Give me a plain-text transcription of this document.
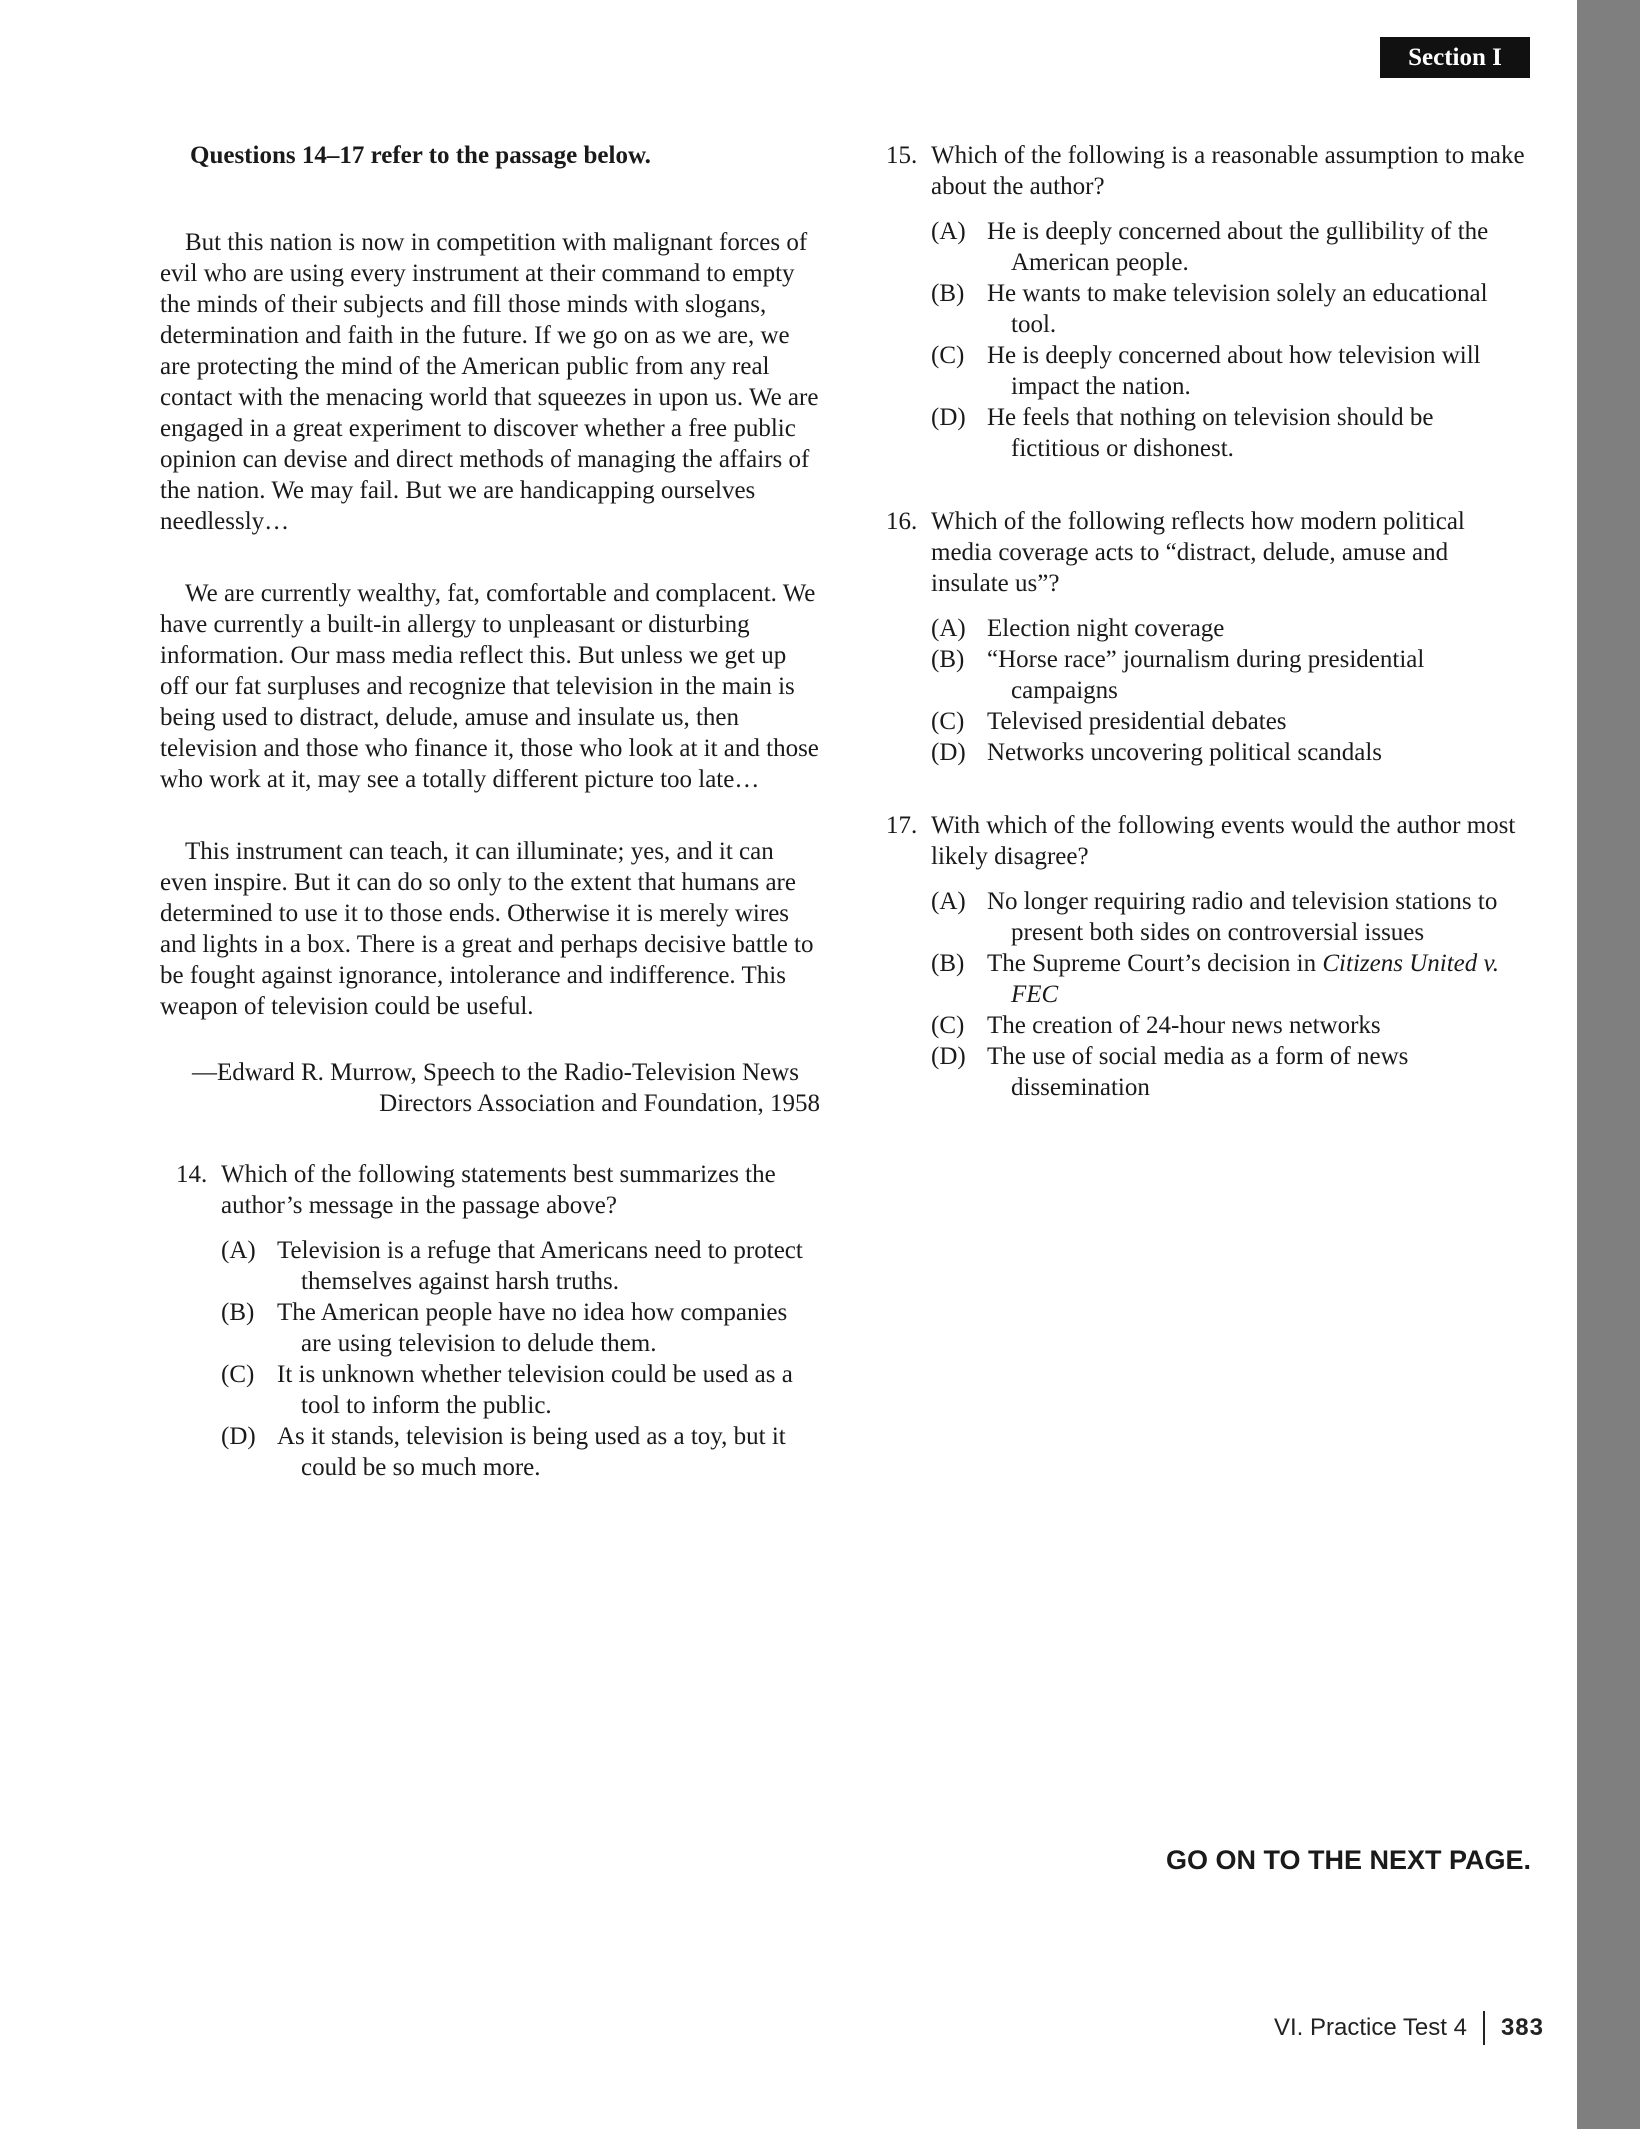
Section I

Questions 14–17 refer to the passage below.

But this nation is now in competition with malignant forces of evil who are using every instrument at their command to empty the minds of their subjects and fill those minds with slogans, determination and faith in the future. If we go on as we are, we are protecting the mind of the American public from any real contact with the menacing world that squeezes in upon us. We are engaged in a great experiment to discover whether a free public opinion can devise and direct methods of managing the affairs of the nation. We may fail. But we are handicapping ourselves needlessly…

We are currently wealthy, fat, comfortable and complacent. We have currently a built-in allergy to unpleasant or disturbing information. Our mass media reflect this. But unless we get up off our fat surpluses and recognize that television in the main is being used to distract, delude, amuse and insulate us, then television and those who finance it, those who look at it and those who work at it, may see a totally different picture too late…

This instrument can teach, it can illuminate; yes, and it can even inspire. But it can do so only to the extent that humans are determined to use it to those ends. Otherwise it is merely wires and lights in a box. There is a great and perhaps decisive battle to be fought against ignorance, intolerance and indifference. This weapon of television could be useful.

—Edward R. Murrow, Speech to the Radio-Television News
Directors Association and Foundation, 1958

14. Which of the following statements best summarizes the author’s message in the passage above?

(A) Television is a refuge that Americans need to protect themselves against harsh truths.
(B) The American people have no idea how companies are using television to delude them.
(C) It is unknown whether television could be used as a tool to inform the public.
(D) As it stands, television is being used as a toy, but it could be so much more.
15. Which of the following is a reasonable assumption to make about the author?

(A) He is deeply concerned about the gullibility of the American people.
(B) He wants to make television solely an educational tool.
(C) He is deeply concerned about how television will impact the nation.
(D) He feels that nothing on television should be fictitious or dishonest.
16. Which of the following reflects how modern political media coverage acts to “distract, delude, amuse and insulate us”?

(A) Election night coverage
(B) “Horse race” journalism during presidential campaigns
(C) Televised presidential debates
(D) Networks uncovering political scandals
17. With which of the following events would the author most likely disagree?

(A) No longer requiring radio and television stations to present both sides on controversial issues
(B) The Supreme Court’s decision in Citizens United v. FEC
(C) The creation of 24-hour news networks
(D) The use of social media as a form of news dissemination
GO ON TO THE NEXT PAGE.
VI. Practice Test 4 383
